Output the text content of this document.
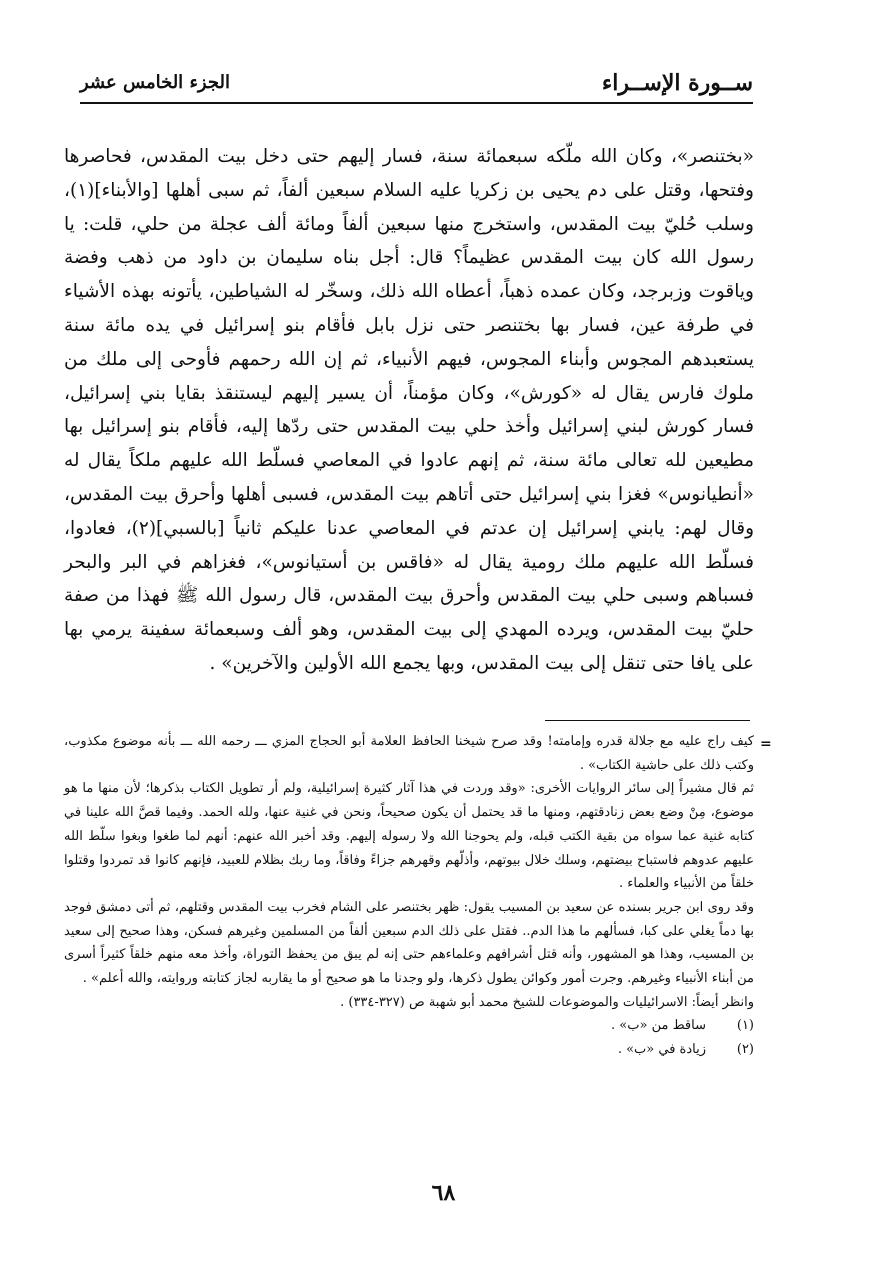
ســورة الإســراء
الجزء الخامس عشر

«بختنصر»، وكان الله ملّكه سبعمائة سنة، فسار إليهم حتى دخل بيت المقدس، فحاصرها وفتحها، وقتل على دم يحيى بن زكريا عليه السلام سبعين ألفاً، ثم سبى أهلها [والأبناء](١)، وسلب حُليّ بيت المقدس، واستخرج منها سبعين ألفاً ومائة ألف عجلة من حلي، قلت: يا رسول الله كان بيت المقدس عظيماً؟ قال: أجل بناه سليمان بن داود من ذهب وفضة وياقوت وزبرجد، وكان عمده ذهباً، أعطاه الله ذلك، وسخّر له الشياطين، يأتونه بهذه الأشياء في طرفة عين، فسار بها بختنصر حتى نزل بابل فأقام بنو إسرائيل في يده مائة سنة يستعبدهم المجوس وأبناء المجوس، فيهم الأنبياء، ثم إن الله رحمهم فأوحى إلى ملك من ملوك فارس يقال له «كورش»، وكان مؤمناً، أن يسير إليهم ليستنقذ بقايا بني إسرائيل، فسار كورش لبني إسرائيل وأخذ حلي بيت المقدس حتى ردّها إليه، فأقام بنو إسرائيل بها مطيعين لله تعالى مائة سنة، ثم إنهم عادوا في المعاصي فسلّط الله عليهم ملكاً يقال له «أنطيانوس» فغزا بني إسرائيل حتى أتاهم بيت المقدس، فسبى أهلها وأحرق بيت المقدس، وقال لهم: يابني إسرائيل إن عدتم في المعاصي عدنا عليكم ثانياً [بالسبي](٢)، فعادوا، فسلّط الله عليهم ملك رومية يقال له «فاقس بن أستيانوس»، فغزاهم في البر والبحر فسباهم وسبى حلي بيت المقدس وأحرق بيت المقدس، قال رسول الله ﷺ فهذا من صفة حليّ بيت المقدس، ويرده المهدي إلى بيت المقدس، وهو ألف وسبعمائة سفينة يرمي بها على يافا حتى تنقل إلى بيت المقدس، وبها يجمع الله الأولين والآخرين» .

=

كيف راج عليه مع جلالة قدره وإمامته! وقد صرح شيخنا الحافظ العلامة أبو الحجاج المزي ـــ رحمه الله ـــ بأنه موضوع مكذوب، وكتب ذلك على حاشية الكتاب» .

ثم قال مشيراً إلى سائر الروايات الأخرى: «وقد وردت في هذا آثار كثيرة إسرائيلية، ولم أر تطويل الكتاب بذكرها؛ لأن منها ما هو موضوع، مِنْ وضع بعض زنادقتهم، ومنها ما قد يحتمل أن يكون صحيحاً، ونحن في غنية عنها، ولله الحمد. وفيما قصَّ الله علينا في كتابه غنية عما سواه من بقية الكتب قبله، ولم يحوجنا الله ولا رسوله إليهم. وقد أخبر الله عنهم: أنهم لما طغوا وبغوا سلّط الله عليهم عدوهم فاستباح بيضتهم، وسلك خلال بيوتهم، وأذلّهم وقهرهم جزاءً وفاقاً، وما ربك بظلام للعبيد، فإنهم كانوا قد تمردوا وقتلوا خلقاً من الأنبياء والعلماء .

وقد روى ابن جرير بسنده عن سعيد بن المسيب يقول: ظهر بختنصر على الشام فخرب بيت المقدس وقتلهم، ثم أتى دمشق فوجد بها دماً يغلي على كبا، فسألهم ما هذا الدم.. فقتل على ذلك الدم سبعين ألفاً من المسلمين وغيرهم فسكن، وهذا صحيح إلى سعيد بن المسيب، وهذا هو المشهور، وأنه قتل أشرافهم وعلماءهم حتى إنه لم يبق من يحفظ التوراة، وأخذ معه منهم خلقاً كثيراً أسرى من أبناء الأنبياء وغيرهم. وجرت أمور وكوائن يطول ذكرها، ولو وجدنا ما هو صحيح أو ما يقاربه لجاز كتابته وروايته، والله أعلم» .

وانظر أيضاً: الاسرائيليات والموضوعات للشيخ محمد أبو شهبة ص (٣٢٧-٣٣٤) .

(١)
ساقط من «ب» .
(٢)
زيادة في «ب» .
٦٨
